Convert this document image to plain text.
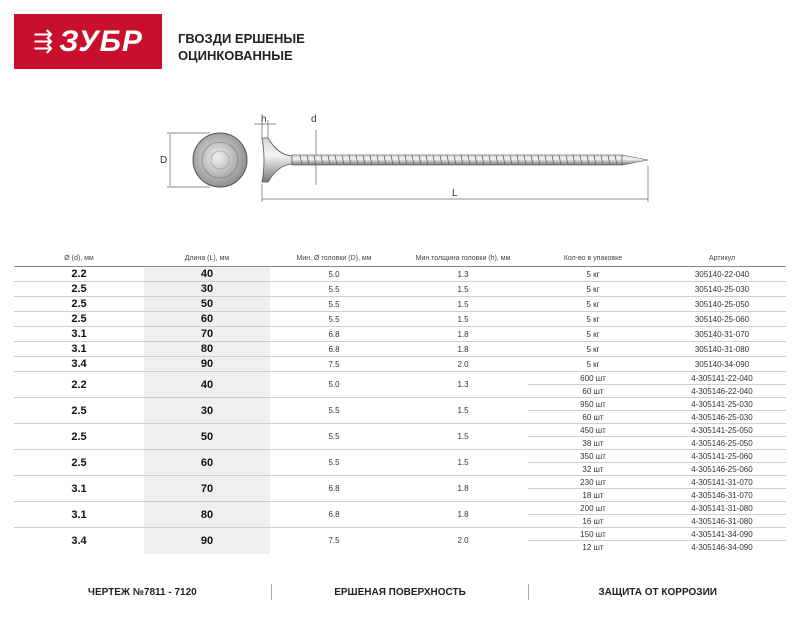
⇶ ЗУБР	ГВОЗДИ ЕРШЕНЫЕ
ОЦИНКОВАННЫЕ
D
h	d
L
Ø (d), мм	Длина (L), мм	Мин. Ø головки (D), мм	Мин.толщина головки (h), мм	Кол-во в упаковке	Артикул
2.2	40	5.0	1.3	5 кг	305140-22-040
2.5	30	5.5	1.5	5 кг	305140-25-030
2.5	50	5.5	1.5	5 кг	305140-25-050
2.5	60	5.5	1.5	5 кг	305140-25-060
3.1	70	6.8	1.8	5 кг	305140-31-070
3.1	80	6.8	1.8	5 кг	305140-31-080
3.4	90	7.5	2.0	5 кг	305140-34-090
2.2	40	5.0	1.3	600 шт	4-305141-22-040
				60 шт	4-305146-22-040
2.5	30	5.5	1.5	950 шт	4-305141-25-030
				60 шт	4-305146-25-030
2.5	50	5.5	1.5	450 шт	4-305141-25-050
				38 шт	4-305146-25-050
2.5	60	5.5	1.5	350 шт	4-305141-25-060
				32 шт	4-305146-25-060
3.1	70	6.8	1.8	230 шт	4-305141-31-070
				18 шт	4-305146-31-070
3.1	80	6.8	1.8	200 шт	4-305141-31-080
				16 шт	4-305146-31-080
3.4	90	7.5	2.0	150 шт	4-305141-34-090
				12 шт	4-305146-34-090
ЧЕРТЕЖ №7811 - 7120	ЕРШЕНАЯ ПОВЕРХНОСТЬ	ЗАЩИТА ОТ КОРРОЗИИ
